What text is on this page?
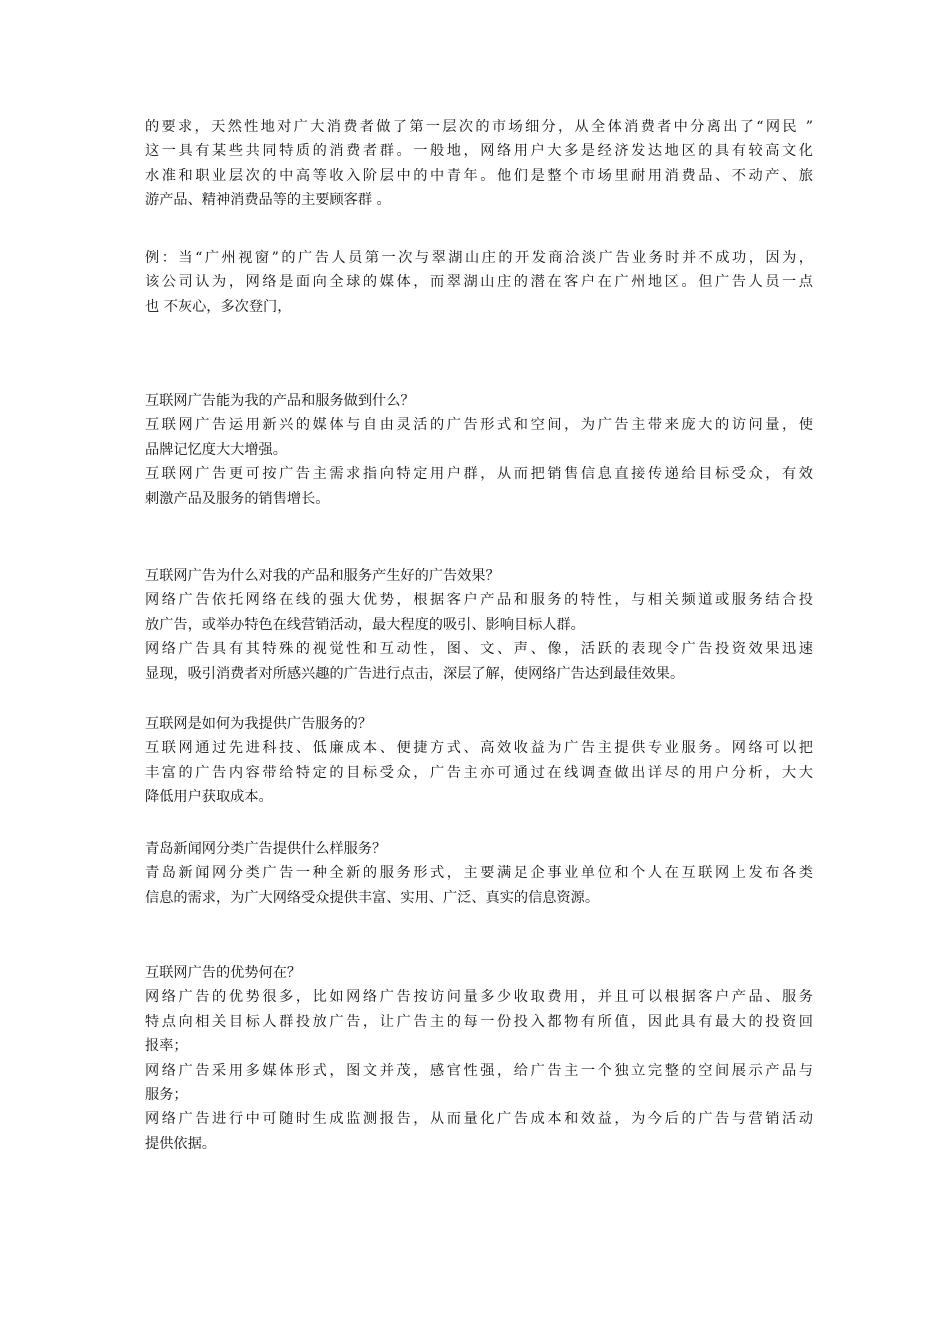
的要求，天然性地对广大消费者做了第一层次的市场细分，从全体消费者中分离出了“网民 ”
这一具有某些共同特质的消费者群。一般地，网络用户大多是经济发达地区的具有较高文化
水准和职业层次的中高等收入阶层中的中青年。他们是整个市场里耐用消费品、不动产、旅
游产品、精神消费品等的主要顾客群 。
例：当“广州视窗”的广告人员第一次与翠湖山庄的开发商洽淡广告业务时并不成功，因为，
该公司认为，网络是面向全球的媒体，而翠湖山庄的潜在客户在广州地区。但广告人员一点
也 不灰心，多次登门，
互联网广告能为我的产品和服务做到什么？
互联网广告运用新兴的媒体与自由灵活的广告形式和空间，为广告主带来庞大的访问量，使
品牌记忆度大大增强。
互联网广告更可按广告主需求指向特定用户群，从而把销售信息直接传递给目标受众，有效
刺激产品及服务的销售增长。
互联网广告为什么对我的产品和服务产生好的广告效果？
网络广告依托网络在线的强大优势，根据客户产品和服务的特性，与相关频道或服务结合投
放广告，或举办特色在线营销活动，最大程度的吸引、影响目标人群。
网络广告具有其特殊的视觉性和互动性，图、文、声、像，活跃的表现令广告投资效果迅速
显现，吸引消费者对所感兴趣的广告进行点击，深层了解，使网络广告达到最佳效果。
互联网是如何为我提供广告服务的？
互联网通过先进科技、低廉成本、便捷方式、高效收益为广告主提供专业服务。网络可以把
丰富的广告内容带给特定的目标受众，广告主亦可通过在线调查做出详尽的用户分析，大大
降低用户获取成本。
青岛新闻网分类广告提供什么样服务？
青岛新闻网分类广告一种全新的服务形式，主要满足企事业单位和个人在互联网上发布各类
信息的需求，为广大网络受众提供丰富、实用、广泛、真实的信息资源。
互联网广告的优势何在？
网络广告的优势很多，比如网络广告按访问量多少收取费用，并且可以根据客户产品、服务
特点向相关目标人群投放广告，让广告主的每一份投入都物有所值，因此具有最大的投资回
报率；
网络广告采用多媒体形式，图文并茂，感官性强，给广告主一个独立完整的空间展示产品与
服务；
网络广告进行中可随时生成监测报告，从而量化广告成本和效益，为今后的广告与营销活动
提供依据。
